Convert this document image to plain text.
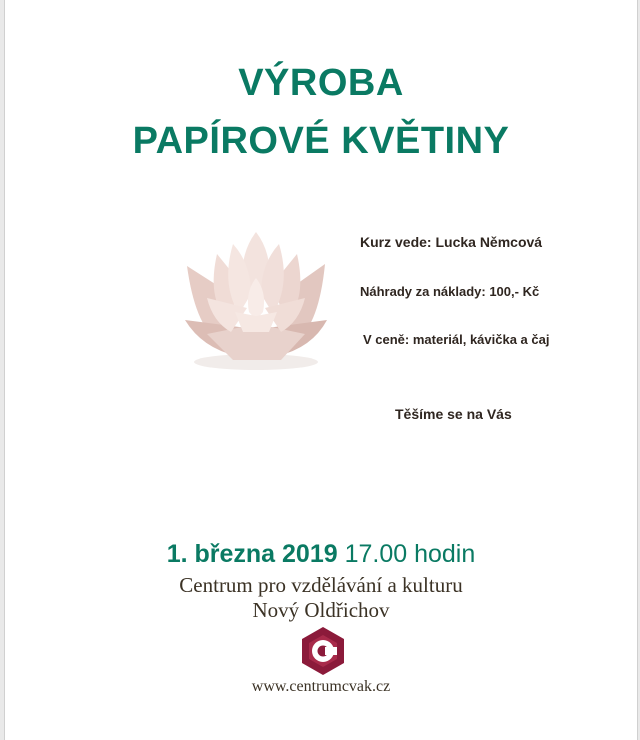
VÝROBA
PAPÍROVÉ KVĚTINY
Kurz vede: Lucka Němcová
Náhrady za náklady: 100,- Kč
V ceně: materiál, kávička a čaj
Těšíme se na Vás
1. března 2019 17.00 hodin
Centrum pro vzdělávání a kulturu
Nový Oldřichov
www.centrumcvak.cz
